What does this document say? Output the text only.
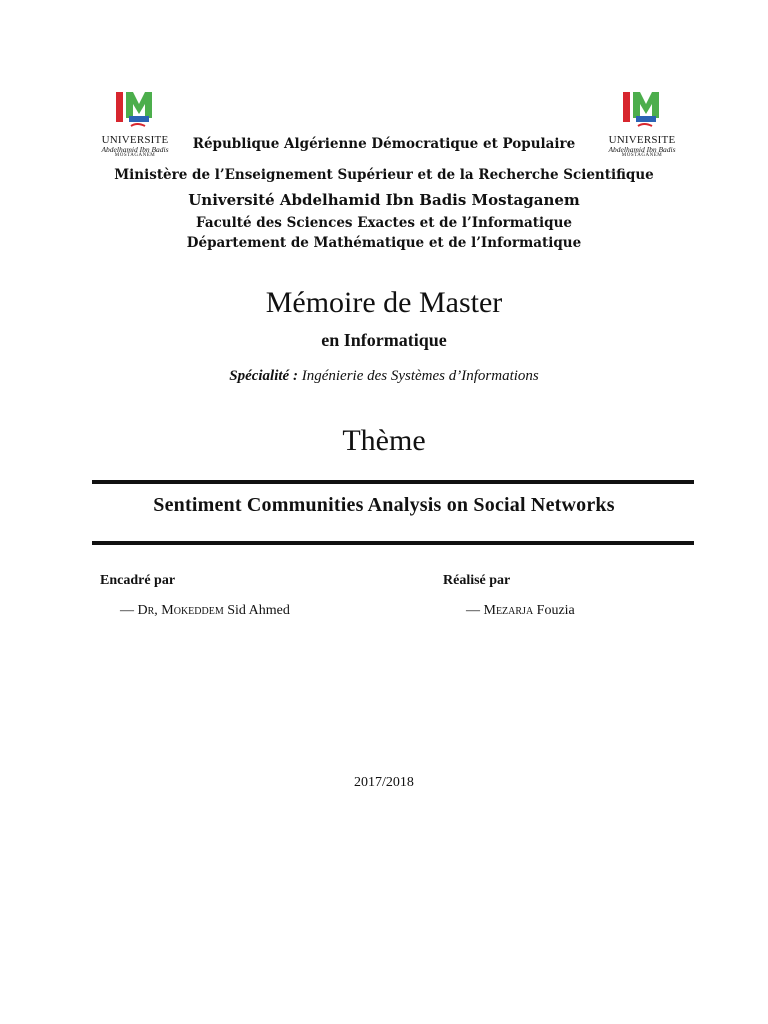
UNIVERSITE
Abdelhamid Ibn Badis
MOSTAGANEM
UNIVERSITE
Abdelhamid Ibn Badis
MOSTAGANEM
République Algérienne Démocratique et Populaire
Ministère de l’Enseignement Supérieur et de la Recherche Scientifique
Université Abdelhamid Ibn Badis Mostaganem
Faculté des Sciences Exactes et de l’Informatique
Département de Mathématique et de l’Informatique
Mémoire de Master
en Informatique
Spécialité : Ingénierie des Systèmes d’Informations
Thème
Sentiment Communities Analysis on Social Networks
Encadré par	Réalisé par
— Dr, Mokeddem Sid Ahmed	— Mezarja Fouzia
2017/2018
